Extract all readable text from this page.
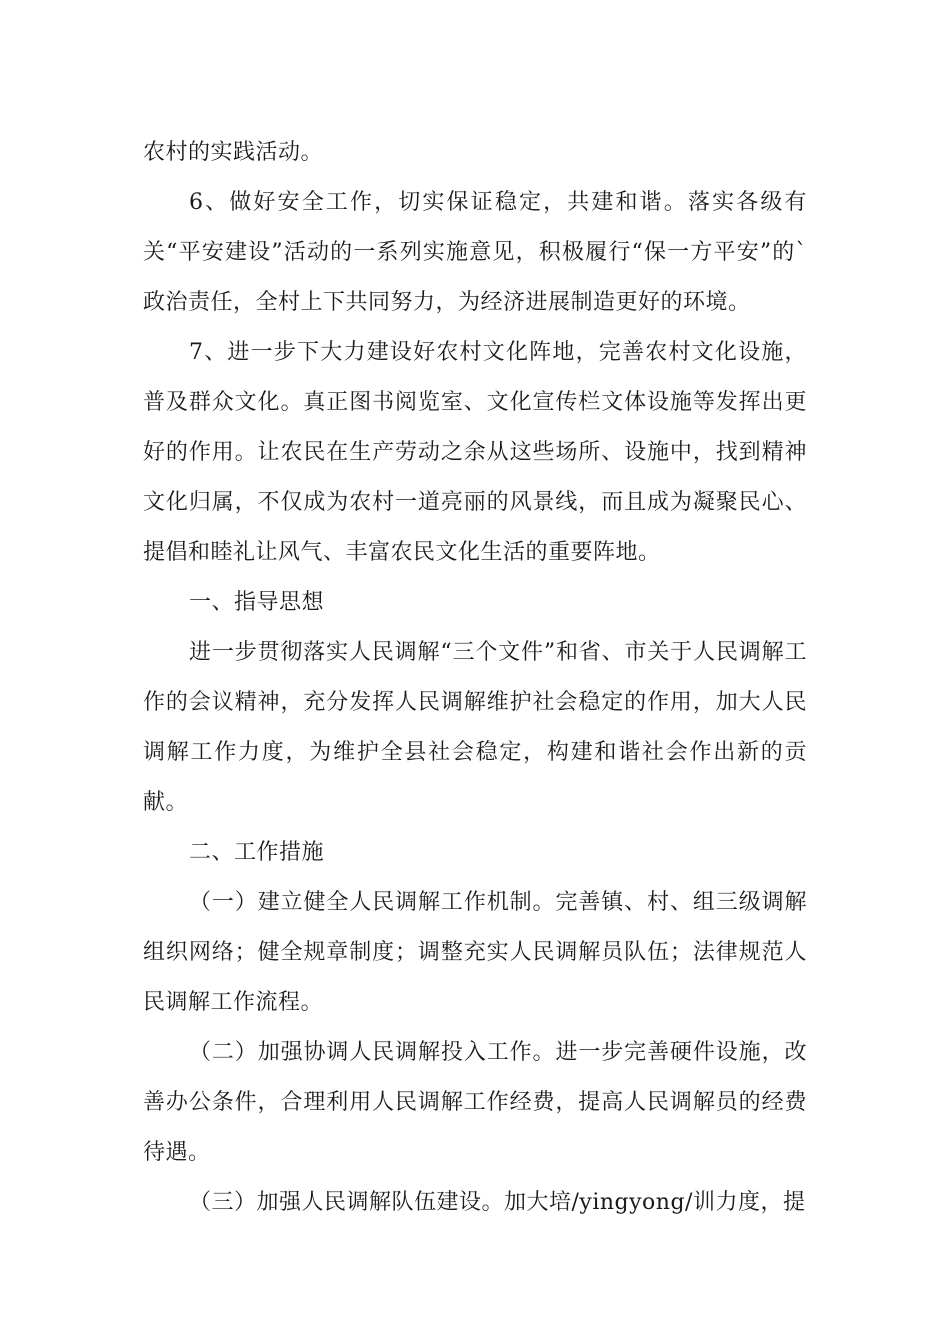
农村的实践活动。

6、做好安全工作，切实保证稳定，共建和谐。落实各级有关“平安建设”活动的一系列实施意见，积极履行“保一方平安”的`政治责任，全村上下共同努力，为经济进展制造更好的环境。

7、进一步下大力建设好农村文化阵地，完善农村文化设施，普及群众文化。真正图书阅览室、文化宣传栏文体设施等发挥出更好的作用。让农民在生产劳动之余从这些场所、设施中，找到精神文化归属，不仅成为农村一道亮丽的风景线，而且成为凝聚民心、提倡和睦礼让风气、丰富农民文化生活的重要阵地。

一、指导思想

进一步贯彻落实人民调解“三个文件”和省、市关于人民调解工作的会议精神，充分发挥人民调解维护社会稳定的作用，加大人民调解工作力度，为维护全县社会稳定，构建和谐社会作出新的贡献。

二、工作措施

（一）建立健全人民调解工作机制。完善镇、村、组三级调解组织网络；健全规章制度；调整充实人民调解员队伍；法律规范人民调解工作流程。

（二）加强协调人民调解投入工作。进一步完善硬件设施，改善办公条件，合理利用人民调解工作经费，提高人民调解员的经费待遇。

（三）加强人民调解队伍建设。加大培/yingyong/训力度，提
